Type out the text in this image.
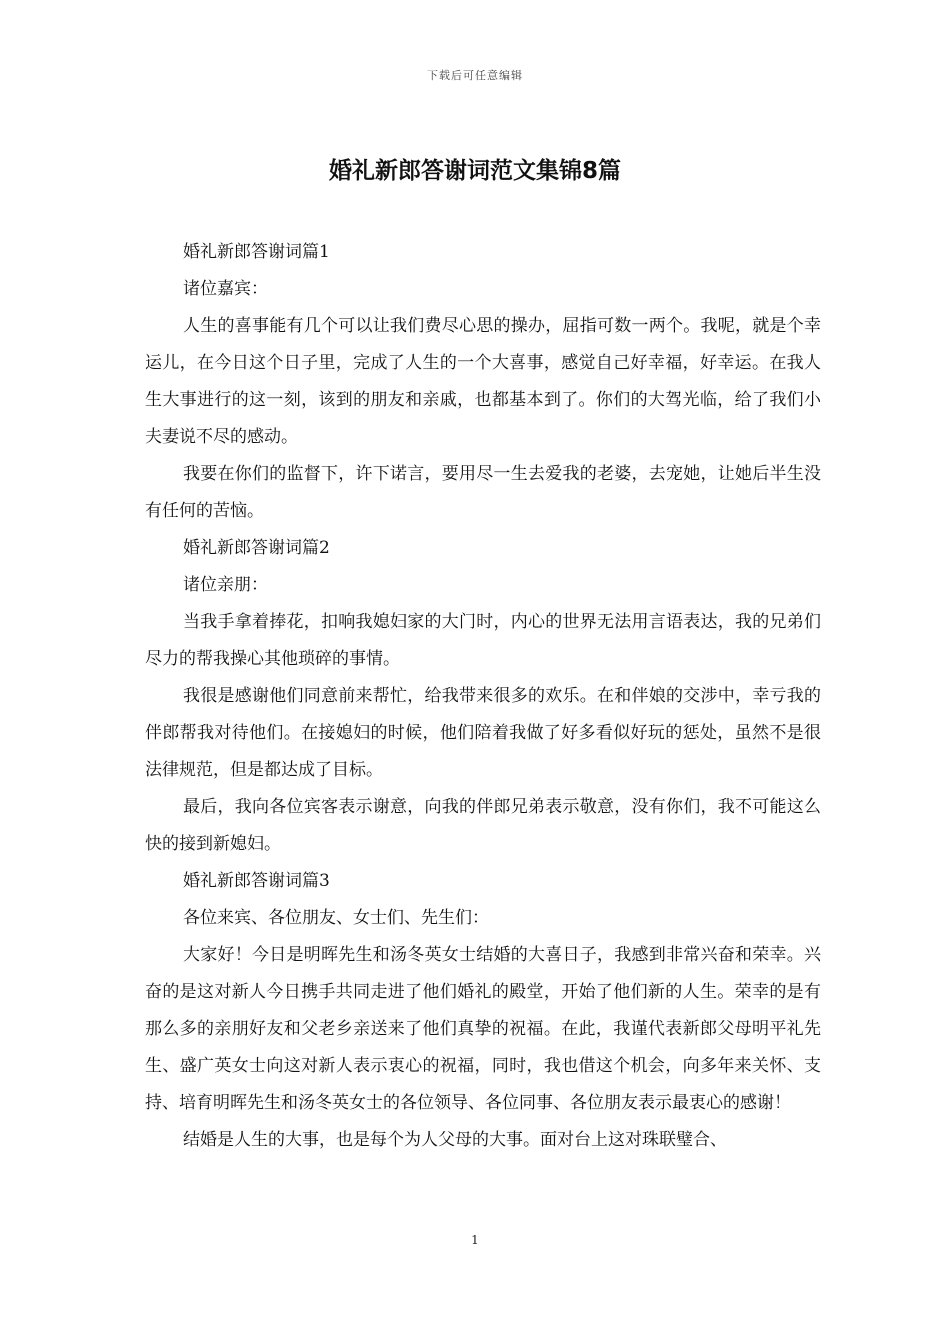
下载后可任意编辑
婚礼新郎答谢词范文集锦8篇

婚礼新郎答谢词篇1

诸位嘉宾：

人生的喜事能有几个可以让我们费尽心思的操办，屈指可数一两个。我呢，就是个幸运儿，在今日这个日子里，完成了人生的一个大喜事，感觉自己好幸福，好幸运。在我人生大事进行的这一刻，该到的朋友和亲戚，也都基本到了。你们的大驾光临，给了我们小夫妻说不尽的感动。

我要在你们的监督下，许下诺言，要用尽一生去爱我的老婆，去宠她，让她后半生没有任何的苦恼。

婚礼新郎答谢词篇2

诸位亲朋：

当我手拿着捧花，扣响我媳妇家的大门时，内心的世界无法用言语表达，我的兄弟们尽力的帮我操心其他琐碎的事情。

我很是感谢他们同意前来帮忙，给我带来很多的欢乐。在和伴娘的交涉中，幸亏我的伴郎帮我对待他们。在接媳妇的时候，他们陪着我做了好多看似好玩的惩处，虽然不是很法律规范，但是都达成了目标。

最后，我向各位宾客表示谢意，向我的伴郎兄弟表示敬意，没有你们，我不可能这么快的接到新媳妇。

婚礼新郎答谢词篇3

各位来宾、各位朋友、女士们、先生们：

大家好！今日是明晖先生和汤冬英女士结婚的大喜日子，我感到非常兴奋和荣幸。兴奋的是这对新人今日携手共同走进了他们婚礼的殿堂，开始了他们新的人生。荣幸的是有那么多的亲朋好友和父老乡亲送来了他们真挚的祝福。在此，我谨代表新郎父母明平礼先生、盛广英女士向这对新人表示衷心的祝福，同时，我也借这个机会，向多年来关怀、支持、培育明晖先生和汤冬英女士的各位领导、各位同事、各位朋友表示最衷心的感谢！

结婚是人生的大事，也是每个为人父母的大事。面对台上这对珠联璧合、

1
